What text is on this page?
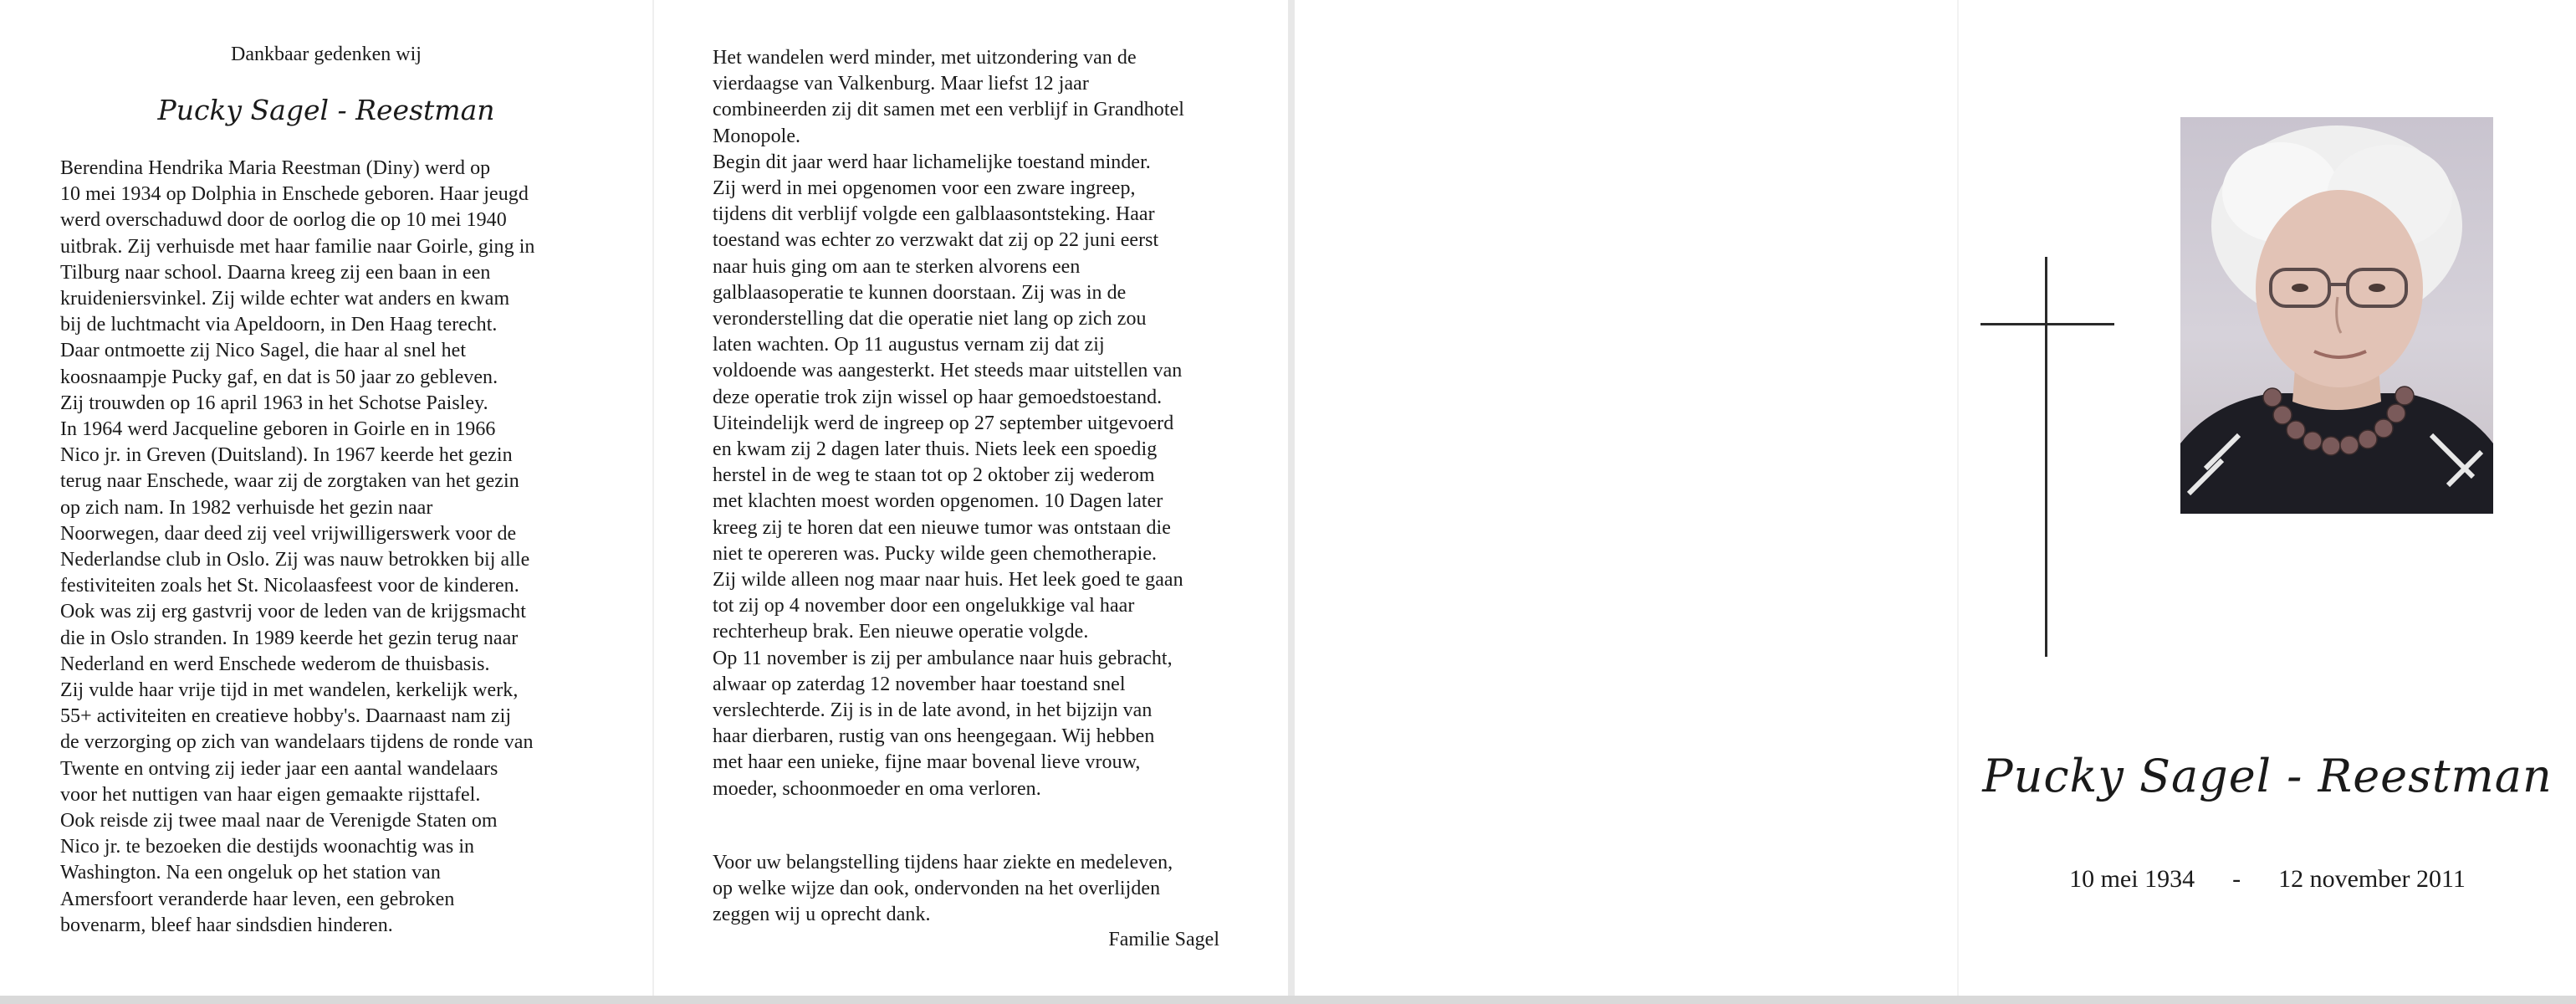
Dankbaar gedenken wij
Pucky Sagel - Reestman
Berendina Hendrika Maria Reestman (Diny) werd op
10 mei 1934 op Dolphia in Enschede geboren. Haar jeugd
werd overschaduwd door de oorlog die op 10 mei 1940
uitbrak. Zij verhuisde met haar familie naar Goirle, ging in
Tilburg naar school. Daarna kreeg zij een baan in een
kruideniersvinkel. Zij wilde echter wat anders en kwam
bij de luchtmacht via Apeldoorn, in Den Haag terecht.
Daar ontmoette zij Nico Sagel, die haar al snel het
koosnaampje Pucky gaf, en dat is 50 jaar zo gebleven.
Zij trouwden op 16 april 1963 in het Schotse Paisley.
In 1964 werd Jacqueline geboren in Goirle en in 1966
Nico jr. in Greven (Duitsland). In 1967 keerde het gezin
terug naar Enschede, waar zij de zorgtaken van het gezin
op zich nam. In 1982 verhuisde het gezin naar
Noorwegen, daar deed zij veel vrijwilligerswerk voor de
Nederlandse club in Oslo. Zij was nauw betrokken bij alle
festiviteiten zoals het St. Nicolaasfeest voor de kinderen.
Ook was zij erg gastvrij voor de leden van de krijgsmacht
die in Oslo stranden. In 1989 keerde het gezin terug naar
Nederland en werd Enschede wederom de thuisbasis.
Zij vulde haar vrije tijd in met wandelen, kerkelijk werk,
55+ activiteiten en creatieve hobby's. Daarnaast nam zij
de verzorging op zich van wandelaars tijdens de ronde van
Twente en ontving zij ieder jaar een aantal wandelaars
voor het nuttigen van haar eigen gemaakte rijsttafel.
Ook reisde zij twee maal naar de Verenigde Staten om
Nico jr. te bezoeken die destijds woonachtig was in
Washington. Na een ongeluk op het station van
Amersfoort veranderde haar leven, een gebroken
bovenarm, bleef haar sindsdien hinderen.
Het wandelen werd minder, met uitzondering van de
vierdaagse van Valkenburg. Maar liefst 12 jaar
combineerden zij dit samen met een verblijf in Grandhotel
Monopole.
Begin dit jaar werd haar lichamelijke toestand minder.
Zij werd in mei opgenomen voor een zware ingreep,
tijdens dit verblijf volgde een galblaasontsteking. Haar
toestand was echter zo verzwakt dat zij op 22 juni eerst
naar huis ging om aan te sterken alvorens een
galblaasoperatie te kunnen doorstaan. Zij was in de
veronderstelling dat die operatie niet lang op zich zou
laten wachten. Op 11 augustus vernam zij dat zij
voldoende was aangesterkt. Het steeds maar uitstellen van
deze operatie trok zijn wissel op haar gemoedstoestand.
Uiteindelijk werd de ingreep op 27 september uitgevoerd
en kwam zij 2 dagen later thuis. Niets leek een spoedig
herstel in de weg te staan tot op 2 oktober zij wederom
met klachten moest worden opgenomen. 10 Dagen later
kreeg zij te horen dat een nieuwe tumor was ontstaan die
niet te opereren was. Pucky wilde geen chemotherapie.
Zij wilde alleen nog maar naar huis. Het leek goed te gaan
tot zij op 4 november door een ongelukkige val haar
rechterheup brak. Een nieuwe operatie volgde.
Op 11 november is zij per ambulance naar huis gebracht,
alwaar op zaterdag 12 november haar toestand snel
verslechterde. Zij is in de late avond, in het bijzijn van
haar dierbaren, rustig van ons heengegaan. Wij hebben
met haar een unieke, fijne maar bovenal lieve vrouw,
moeder, schoonmoeder en oma verloren.
Voor uw belangstelling tijdens haar ziekte en medeleven,
op welke wijze dan ook, ondervonden na het overlijden
zeggen wij u oprecht dank.
Familie Sagel
Pucky Sagel - Reestman
10 mei 1934 - 12 november 2011
